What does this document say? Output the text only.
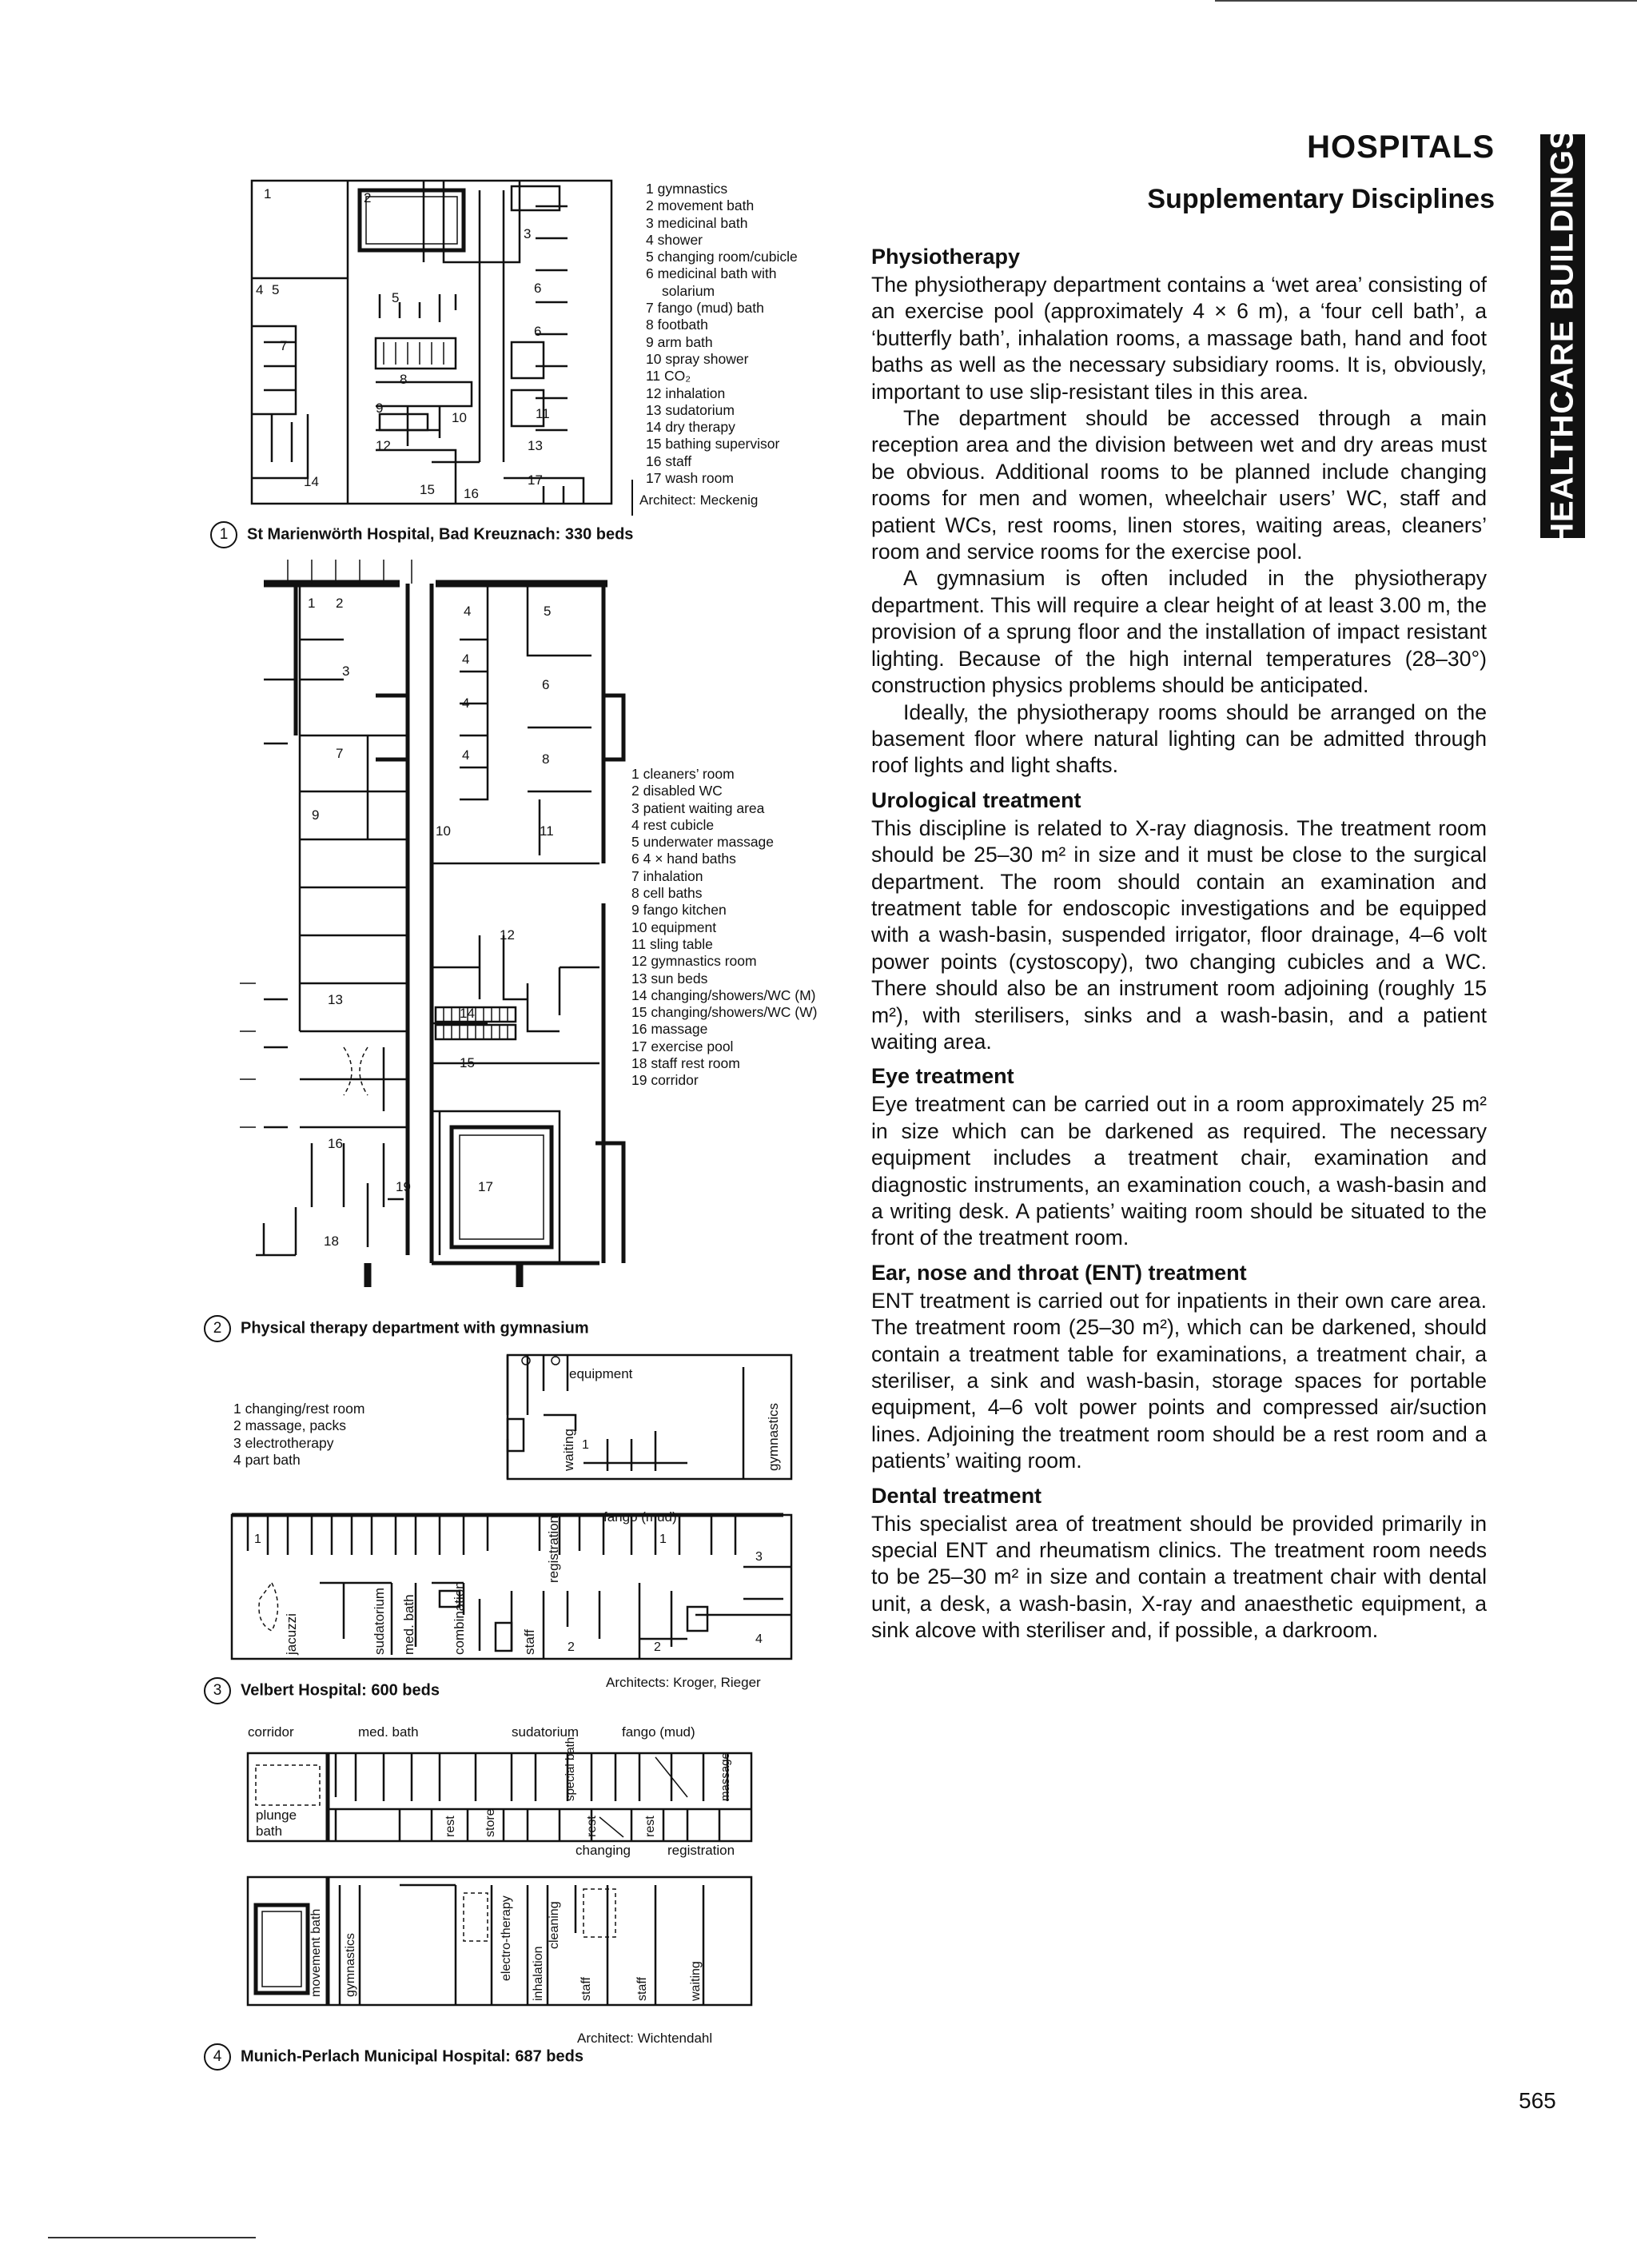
HOSPITALS
Supplementary Disciplines HEALTHCARE BUILDINGS
Physiotherapy

The physiotherapy department contains a ‘wet area’ consisting of an exercise pool (approximately 4 × 6 m), a ‘four cell bath’, a ‘butterfly bath’, inhalation rooms, a massage bath, hand and foot baths as well as the necessary subsidiary rooms. It is, obviously, important to use slip-resistant tiles in this area.

The department should be accessed through a main reception area and the division between wet and dry areas must be obvious. Additional rooms to be planned include changing rooms for men and women, wheelchair users’ WC, staff and patient WCs, rest rooms, linen stores, waiting areas, cleaners’ room and service rooms for the exercise pool.

A gymnasium is often included in the physiotherapy department. This will require a clear height of at least 3.00 m, the provision of a sprung floor and the installation of impact resistant lighting. Because of the high internal temperatures (28–30°) construction physics problems should be anticipated.

Ideally, the physiotherapy rooms should be arranged on the basement floor where natural lighting can be admitted through roof lights and light shafts.

Urological treatment

This discipline is related to X-ray diagnosis. The treatment room should be 25–30 m² in size and it must be close to the surgical department. The room should contain an examination and treatment table for endoscopic investigations and be equipped with a wash-basin, suspended irrigator, floor drainage, 4–6 volt power points (cystoscopy), two changing cubicles and a WC. There should also be an instrument room adjoining (roughly 15 m²), with sterilisers, sinks and a wash-basin, and a patient waiting area.

Eye treatment

Eye treatment can be carried out in a room approximately 25 m² in size which can be darkened as required. The necessary equipment includes a treatment chair, examination and diagnostic instruments, an examination couch, a wash-basin and a writing desk. A patients’ waiting room should be situated to the front of the treatment room.

Ear, nose and throat (ENT) treatment

ENT treatment is carried out for inpatients in their own care area. The treatment room (25–30 m²), which can be darkened, should contain a treatment table for examinations, a treatment chair, a steriliser, a sink and wash-basin, storage spaces for portable equipment, 4–6 volt power points and compressed air/suction lines. Adjoining the treatment room should be a rest room and a patients’ waiting room.

Dental treatment

This specialist area of treatment should be provided primarily in special ENT and rheumatism clinics. The treatment room needs to be 25–30 m² in size and contain a treatment chair with dental unit, a desk, a wash-basin, X-ray and anaesthetic equipment, a sink alcove with steriliser and, if possible, a darkroom.

565
1	2
3
4 5
5
6
6
7
8
9
10	11
12	13
14
15 16
17
1 gymnastics
2 movement bath
3 medicinal bath
4 shower
5 changing room/cubicle
6 medicinal bath with
solarium
7 fango (mud) bath
8 footbath
9 arm bath
10 spray shower
11 CO₂
12 inhalation
13 sudatorium
14 dry therapy
15 bathing supervisor
16 staff
17 wash room
Architect: Meckenig
1 St Marienwörth Hospital, Bad Kreuznach: 330 beds
1 2
3
4
4
4
4
5
6
7	8
9
10	11
12
13
14
15
16
17
18
19
1 cleaners’ room
2 disabled WC
3 patient waiting area
4 rest cubicle
5 underwater massage
6 4 × hand baths
7 inhalation
8 cell baths
9 fango kitchen
10 equipment
11 sling table
12 gymnastics room
13 sun beds
14 changing/showers/WC (M)
15 changing/showers/WC (W)
16 massage
17 exercise pool
18 staff rest room
19 corridor
2 Physical therapy department with gymnasium
1 changing/rest room
2 massage, packs
3 electrotherapy
4 part bath
equipment
1
waiting	gymnastics
fango (mud)
registration
jacuzzi	sudatorium med. bath	combination	staff
1	1
2	2
3
4
Architects: Kroger, Rieger
3 Velbert Hospital: 600 beds
corridor	med. bath	sudatorium	fango (mud)
special bath	massage
plunge
bath	rest store	rest	rest
changing	registration
movement bath gymnastics	electro-therapy	cleaning
inhalation	staff	staff	waiting
Architect: Wichtendahl
4 Munich-Perlach Municipal Hospital: 687 beds
